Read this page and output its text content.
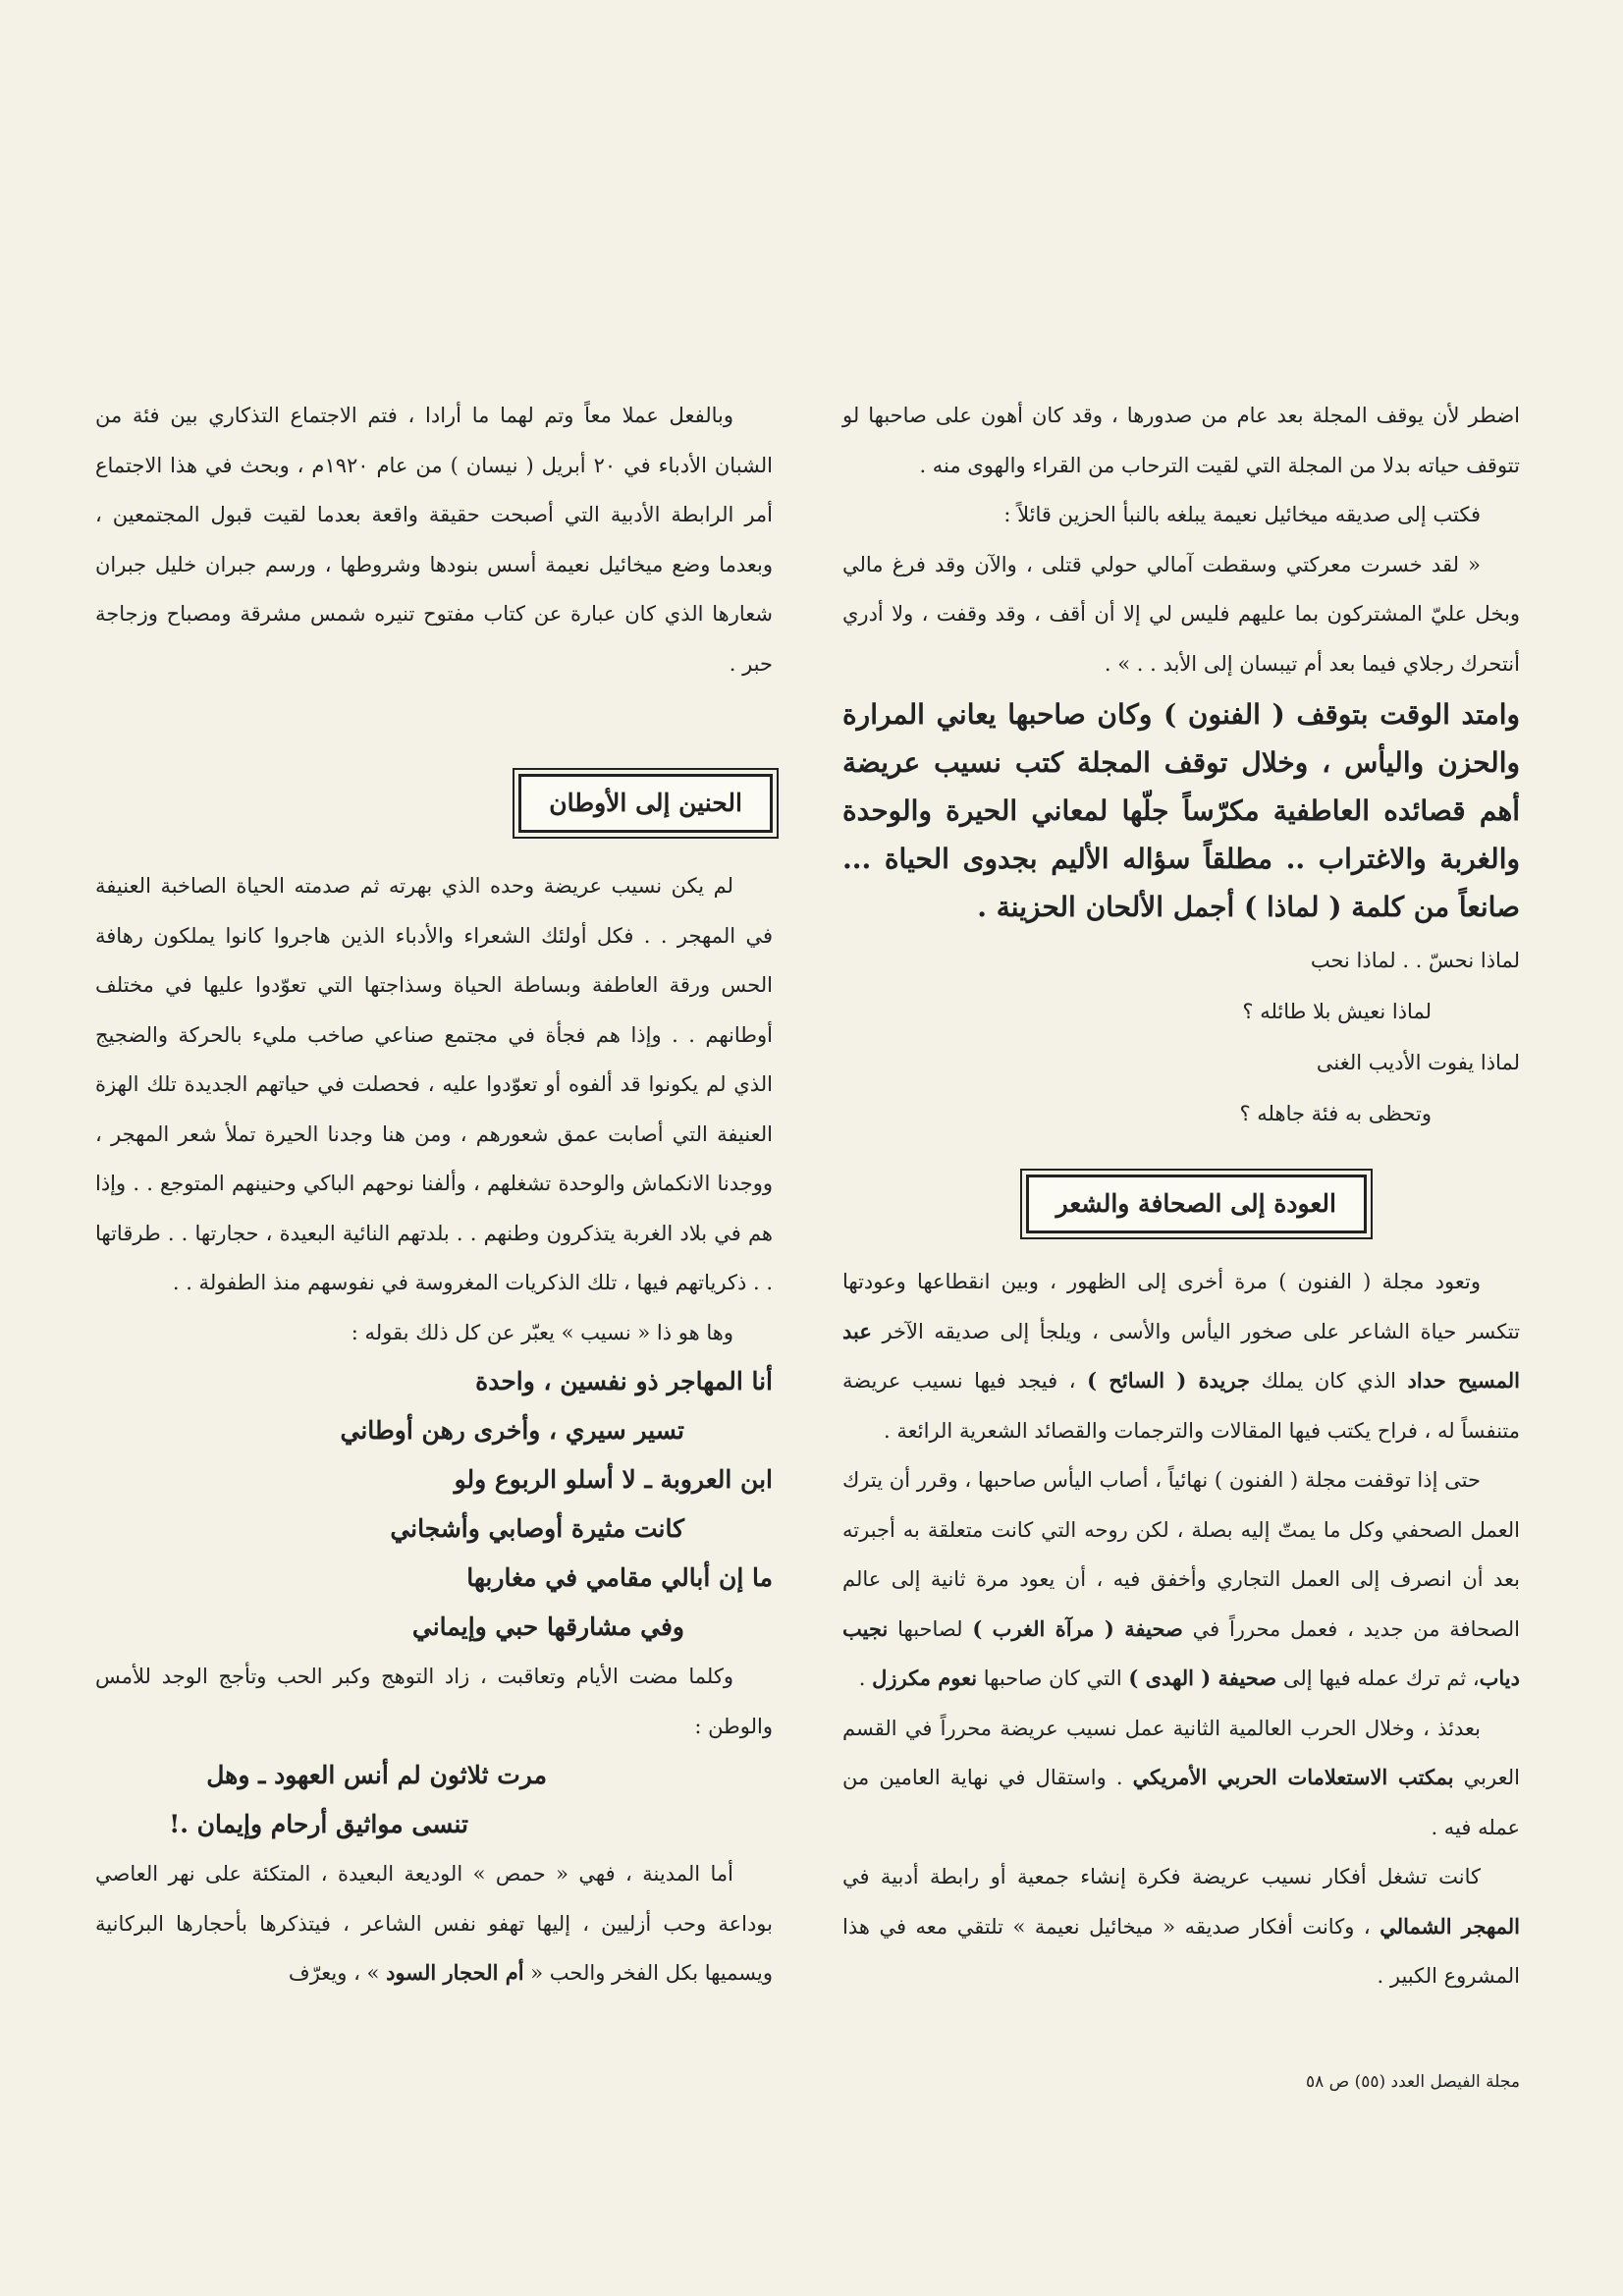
اضطر لأن يوقف المجلة بعد عام من صدورها ، وقد كان أهون على صاحبها لو تتوقف حياته بدلا من المجلة التي لقيت الترحاب من القراء والهوى منه .

فكتب إلى صديقه ميخائيل نعيمة يبلغه بالنبأ الحزين قائلاً :

« لقد خسرت معركتي وسقطت آمالي حولي قتلى ، والآن وقد فرغ مالي وبخل عليّ المشتركون بما عليهم فليس لي إلا أن أقف ، وقد وقفت ، ولا أدري أنتحرك رجلاي فيما بعد أم تيبسان إلى الأبد . . » .

وامتد الوقت بتوقف ( الفنون ) وكان صاحبها يعاني المرارة والحزن واليأس ، وخلال توقف المجلة كتب نسيب عريضة أهم قصائده العاطفية مكرّساً جلّها لمعاني الحيرة والوحدة والغربة والاغتراب .. مطلقاً سؤاله الأليم بجدوى الحياة ... صانعاً من كلمة ( لماذا ) أجمل الألحان الحزينة .

لماذا نحسّ . . لماذا نحب
لماذا نعيش بلا طائله ؟
لماذا يفوت الأديب الغنى
وتحظى به فئة جاهله ؟

وتعود مجلة ( الفنون ) مرة أخرى إلى الظهور ، وبين انقطاعها وعودتها تتكسر حياة الشاعر على صخور اليأس والأسى ، ويلجأ إلى صديقه الآخر عبد المسيح حداد الذي كان يملك جريدة ( السائح ) ، فيجد فيها نسيب عريضة متنفساً له ، فراح يكتب فيها المقالات والترجمات والقصائد الشعرية الرائعة .

حتى إذا توقفت مجلة ( الفنون ) نهائياً ، أصاب اليأس صاحبها ، وقرر أن يترك العمل الصحفي وكل ما يمتّ إليه بصلة ، لكن روحه التي كانت متعلقة به أجبرته بعد أن انصرف إلى العمل التجاري وأخفق فيه ، أن يعود مرة ثانية إلى عالم الصحافة من جديد ، فعمل محرراً في صحيفة ( مرآة الغرب ) لصاحبها نجيب دياب، ثم ترك عمله فيها إلى صحيفة ( الهدى ) التي كان صاحبها نعوم مكرزل .

بعدئذ ، وخلال الحرب العالمية الثانية عمل نسيب عريضة محرراً في القسم العربي بمكتب الاستعلامات الحربي الأمريكي . واستقال في نهاية العامين من عمله فيه .

كانت تشغل أفكار نسيب عريضة فكرة إنشاء جمعية أو رابطة أدبية في المهجر الشمالي ، وكانت أفكار صديقه « ميخائيل نعيمة » تلتقي معه في هذا المشروع الكبير .

العودة إلى الصحافة والشعر

وبالفعل عملا معاً وتم لهما ما أرادا ، فتم الاجتماع التذكاري بين فئة من الشبان الأدباء في ٢٠ أبريل ( نيسان ) من عام ١٩٢٠م ، وبحث في هذا الاجتماع أمر الرابطة الأدبية التي أصبحت حقيقة واقعة بعدما لقيت قبول المجتمعين ، وبعدما وضع ميخائيل نعيمة أسس بنودها وشروطها ، ورسم جبران خليل جبران شعارها الذي كان عبارة عن كتاب مفتوح تنيره شمس مشرقة ومصباح وزجاجة حبر .

لم يكن نسيب عريضة وحده الذي بهرته ثم صدمته الحياة الصاخبة العنيفة في المهجر . . فكل أولئك الشعراء والأدباء الذين هاجروا كانوا يملكون رهافة الحس ورقة العاطفة وبساطة الحياة وسذاجتها التي تعوّدوا عليها في مختلف أوطانهم . . وإذا هم فجأة في مجتمع صناعي صاخب مليء بالحركة والضجيج الذي لم يكونوا قد ألفوه أو تعوّدوا عليه ، فحصلت في حياتهم الجديدة تلك الهزة العنيفة التي أصابت عمق شعورهم ، ومن هنا وجدنا الحيرة تملأ شعر المهجر ، ووجدنا الانكماش والوحدة تشغلهم ، وألفنا نوحهم الباكي وحنينهم المتوجع . . وإذا هم في بلاد الغربة يتذكرون وطنهم . . بلدتهم النائية البعيدة ، حجارتها . . طرقاتها . . ذكرياتهم فيها ، تلك الذكريات المغروسة في نفوسهم منذ الطفولة . .

وها هو ذا « نسيب » يعبّر عن كل ذلك بقوله :

أنا المهاجر ذو نفسين ، واحدة
تسير سيري ، وأخرى رهن أوطاني
ابن العروبة ـ لا أسلو الربوع ولو
كانت مثيرة أوصابي وأشجاني
ما إن أبالي مقامي في مغاربها
وفي مشارقها حبي وإيماني

وكلما مضت الأيام وتعاقبت ، زاد التوهج وكبر الحب وتأجج الوجد للأمس والوطن :

مرت ثلاثون لم أنس العهود ـ وهل
تنسى مواثيق أرحام وإيمان .!

أما المدينة ، فهي « حمص » الوديعة البعيدة ، المتكئة على نهر العاصي بوداعة وحب أزليين ، إليها تهفو نفس الشاعر ، فيتذكرها بأحجارها البركانية ويسميها بكل الفخر والحب « أم الحجار السود » ، ويعرّف

الحنين إلى الأوطان
مجلة الفيصل العدد (٥٥) ص ٥٨
